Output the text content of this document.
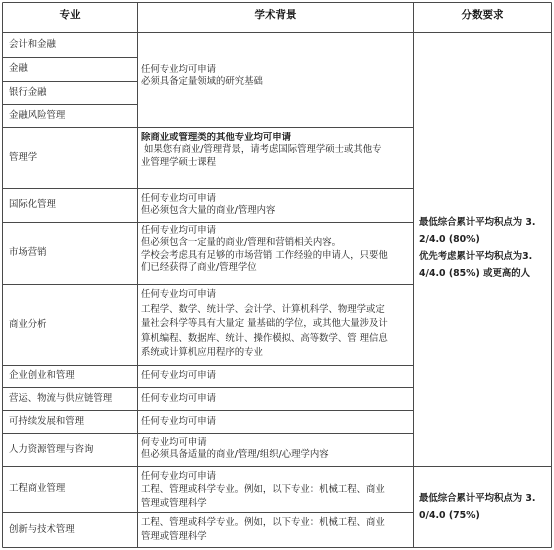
专业	学术背景	分数要求
会计和金融
金融
银行金融
金融风险管理
管理学
国际化管理
市场营销
商业分析
企业创业和管理
营运、物流与供应链管理
可持续发展和管理
人力资源管理与咨询
工程商业管理
创新与技术管理
任何专业均可申请
必须具备定量领域的研究基础
除商业或管理类的其他专业均可申请
如果您有商业/管理背景，请考虑国际管理学硕士或其他专
业管理学硕士课程
任何专业均可申请
但必须包含大量的商业/管理内容
任何专业均可申请
但必须包含一定量的商业/管理和营销相关内容。
学校会考虑具有足够的市场营销 工作经验的申请人，只要他
们已经获得了商业/管理学位
任何专业均可申请
工程学、数学、统计学、会计学、计算机科学、物理学或定
量社会科学等具有大量定 量基础的学位，或其他大量涉及计
算机编程、数据库、统计、操作模拟、高等数学、管 理信息
系统或计算机应用程序的专业
任何专业均可申请
任何专业均可申请
任何专业均可申请
何专业均可申请
但必须具备适量的商业/管理/组织/心理学内容
任何专业均可申请
工程、管理或科学专业。例如，以下专业：机械工程、商业
管理或管理科学
工程、管理或科学专业。例如，以下专业：机械工程、商业
管理或管理科学
最低综合累计平均积点为 3.
2/4.0 (80%)
优先考虑累计平均积点为3.
4/4.0 (85%) 或更高的人
最低综合累计平均积点为 3.
0/4.0 (75%)
